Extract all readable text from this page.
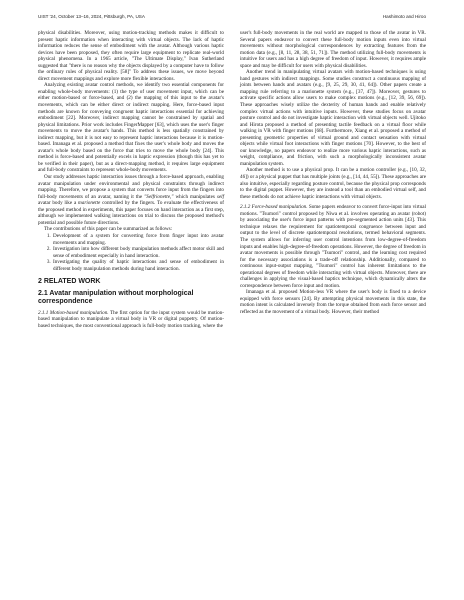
UIST '24, October 13–16, 2024, Pittsburgh, PA, USA	Hashimoto and Hiroo

physical disabilities. Moreover, using motion-tracking methods makes it difficult to present haptic information when interacting with virtual objects. The lack of haptic information reduces the sense of embodiment with the avatar. Although various haptic devices have been proposed, they often require large equipment to replicate real-world physical phenomena. In a 1965 article, "The Ultimate Display," Ivan Sutherland suggested that "there is no reason why the objects displayed by a computer have to follow the ordinary rules of physical reality. [58]" To address these issues, we move beyond direct movement mappings and explore more flexible interactions.

Analyzing existing avatar control methods, we identify two essential components for enabling whole-body movements: (1) the type of user movement input, which can be either motion-based or force-based, and (2) the mapping of this input to the avatar's movements, which can be either direct or indirect mapping. Here, force-based input methods are known for conveying congruent haptic interactions essential for achieving embodiment [22]. Moreover, indirect mapping cannot be constrained by spatial and physical limitations. Prior work includes FingerMapper [63], which uses the user's finger movements to move the avatar's hands. This method is less spatially constrained by indirect mapping, but it is not easy to represent haptic interactions because it is motion-based. Imanaga et al. proposed a method that fixes the user's whole body and moves the avatar's whole body based on the force that tries to move the whole body [24]. This method is force-based and potentially excels in haptic expression (though this has yet to be verified in their paper), but as a direct-mapping method, it requires large equipment and full-body constraints to represent whole-body movements.

Our study addresses haptic interaction issues through a force-based approach, enabling avatar manipulation under environmental and physical constraints through indirect mapping. Therefore, we propose a system that converts force input from the fingers into full-body movements of an avatar, naming it the "Selfrionette," which manipulates self avatar body like a marionette controlled by the fingers. To evaluate the effectiveness of the proposed method in experiments, this paper focuses on hand interaction as a first step, although we implemented walking interactions on trial to discuss the proposed method's potential and possible future directions.

The contributions of this paper can be summarized as follows:

1. Development of a system for converting force from finger input into avatar movements and mapping.
2. Investigation into how different body manipulation methods affect motor skill and sense of embodiment especially in hand interaction.
3. Investigating the quality of haptic interactions and sense of embodiment in different body manipulation methods during hand interaction.
2 RELATED WORK
2.1 Avatar manipulation without morphological correspondence

2.1.1 Motion-based manipulation. The first option for the input system would be motion-based manipulation to manipulate a virtual body in VR or digital puppetry. Of motion-based techniques, the most conventional approach is full-body motion tracking, where the

user's full-body movements in the real world are mapped to those of the avatar in VR. Several papers endeavor to convert these full-body motion inputs even into virtual movements without morphological correspondences by extracting features from the motion data (e.g., [8, 11, 28, 38, 51, 71]). The method utilizing full-body movements is intuitive for users and has a high degree of freedom of input. However, it requires ample space and may be difficult for users with physical disabilities.

Another trend in manipulating virtual avatars with motion-based techniques is using hand gestures with indirect mappings. Some studies construct a continuous mapping of joints between hands and avatars (e.g., [9, 25, 29, 30, 41, 64]). Other papers create a mapping rule referring to a marionette system (e.g., [37, 47]). Moreover, gestures to activate specific actions allow users to make complex motions (e.g., [12, 39, 56, 69]). These approaches wisely utilize the dexterity of human hands and enable relatively complex virtual actions with intuitive inputs. However, these studies focus on avatar posture control and do not investigate haptic interaction with virtual objects well. Ujitoko and Hirota proposed a method of presenting tactile feedback on a virtual floor while walking in VR with finger motions [68]. Furthermore, Xiang et al. proposed a method of presenting geometric properties of virtual ground and contact sensation with virtual objects while virtual foot interactions with finger motions [70]. However, to the best of our knowledge, no papers endeavor to realize more various haptic interactions, such as weight, compliance, and friction, with such a morphologically inconsistent avatar manipulation system.

Another method is to use a physical prop. It can be a motion controller (e.g., [10, 32, 46]) or a physical puppet that has multiple joints (e.g., [14, 44, 55]). These approaches are also intuitive, especially regarding posture control, because the physical prop corresponds to the digital puppet. However, they are instead a tool than an embodied virtual self, and these methods do not achieve haptic interactions with virtual objects.

2.1.2 Force-based manipulation. Some papers endeavor to convert force-input into virtual motions. "Tsumori" control proposed by Niwa et al. involves operating an avatar (robot) by associating the user's force input patterns with pre-segmented action units [43]. This technique relaxes the requirement for spatiotemporal congruence between input and output to the level of discrete spatiotemporal resolutions, termed behavioral segments. The system allows for inferring user control intentions from low-degree-of-freedom inputs and enables high-degree-of-freedom operations. However, the degree of freedom in avatar movements is possible through "Tsumori" control, and the learning cost required for the necessary associations is a trade-off relationship. Additionally, compared to continuous input-output mapping, "Tsumori" control has inherent limitations to the operational degrees of freedom while interacting with virtual objects. Moreover, there are challenges in applying the visual-based haptics technique, which dynamically alters the correspondence between force input and motion.

Imanaga et al. proposed Motion-less VR where the user's body is fixed to a device equipped with force sensors [24]. By attempting physical movements in this state, the motion intent is calculated inversely from the torque obtained from each force sensor and reflected as the movement of a virtual body. However, their method
